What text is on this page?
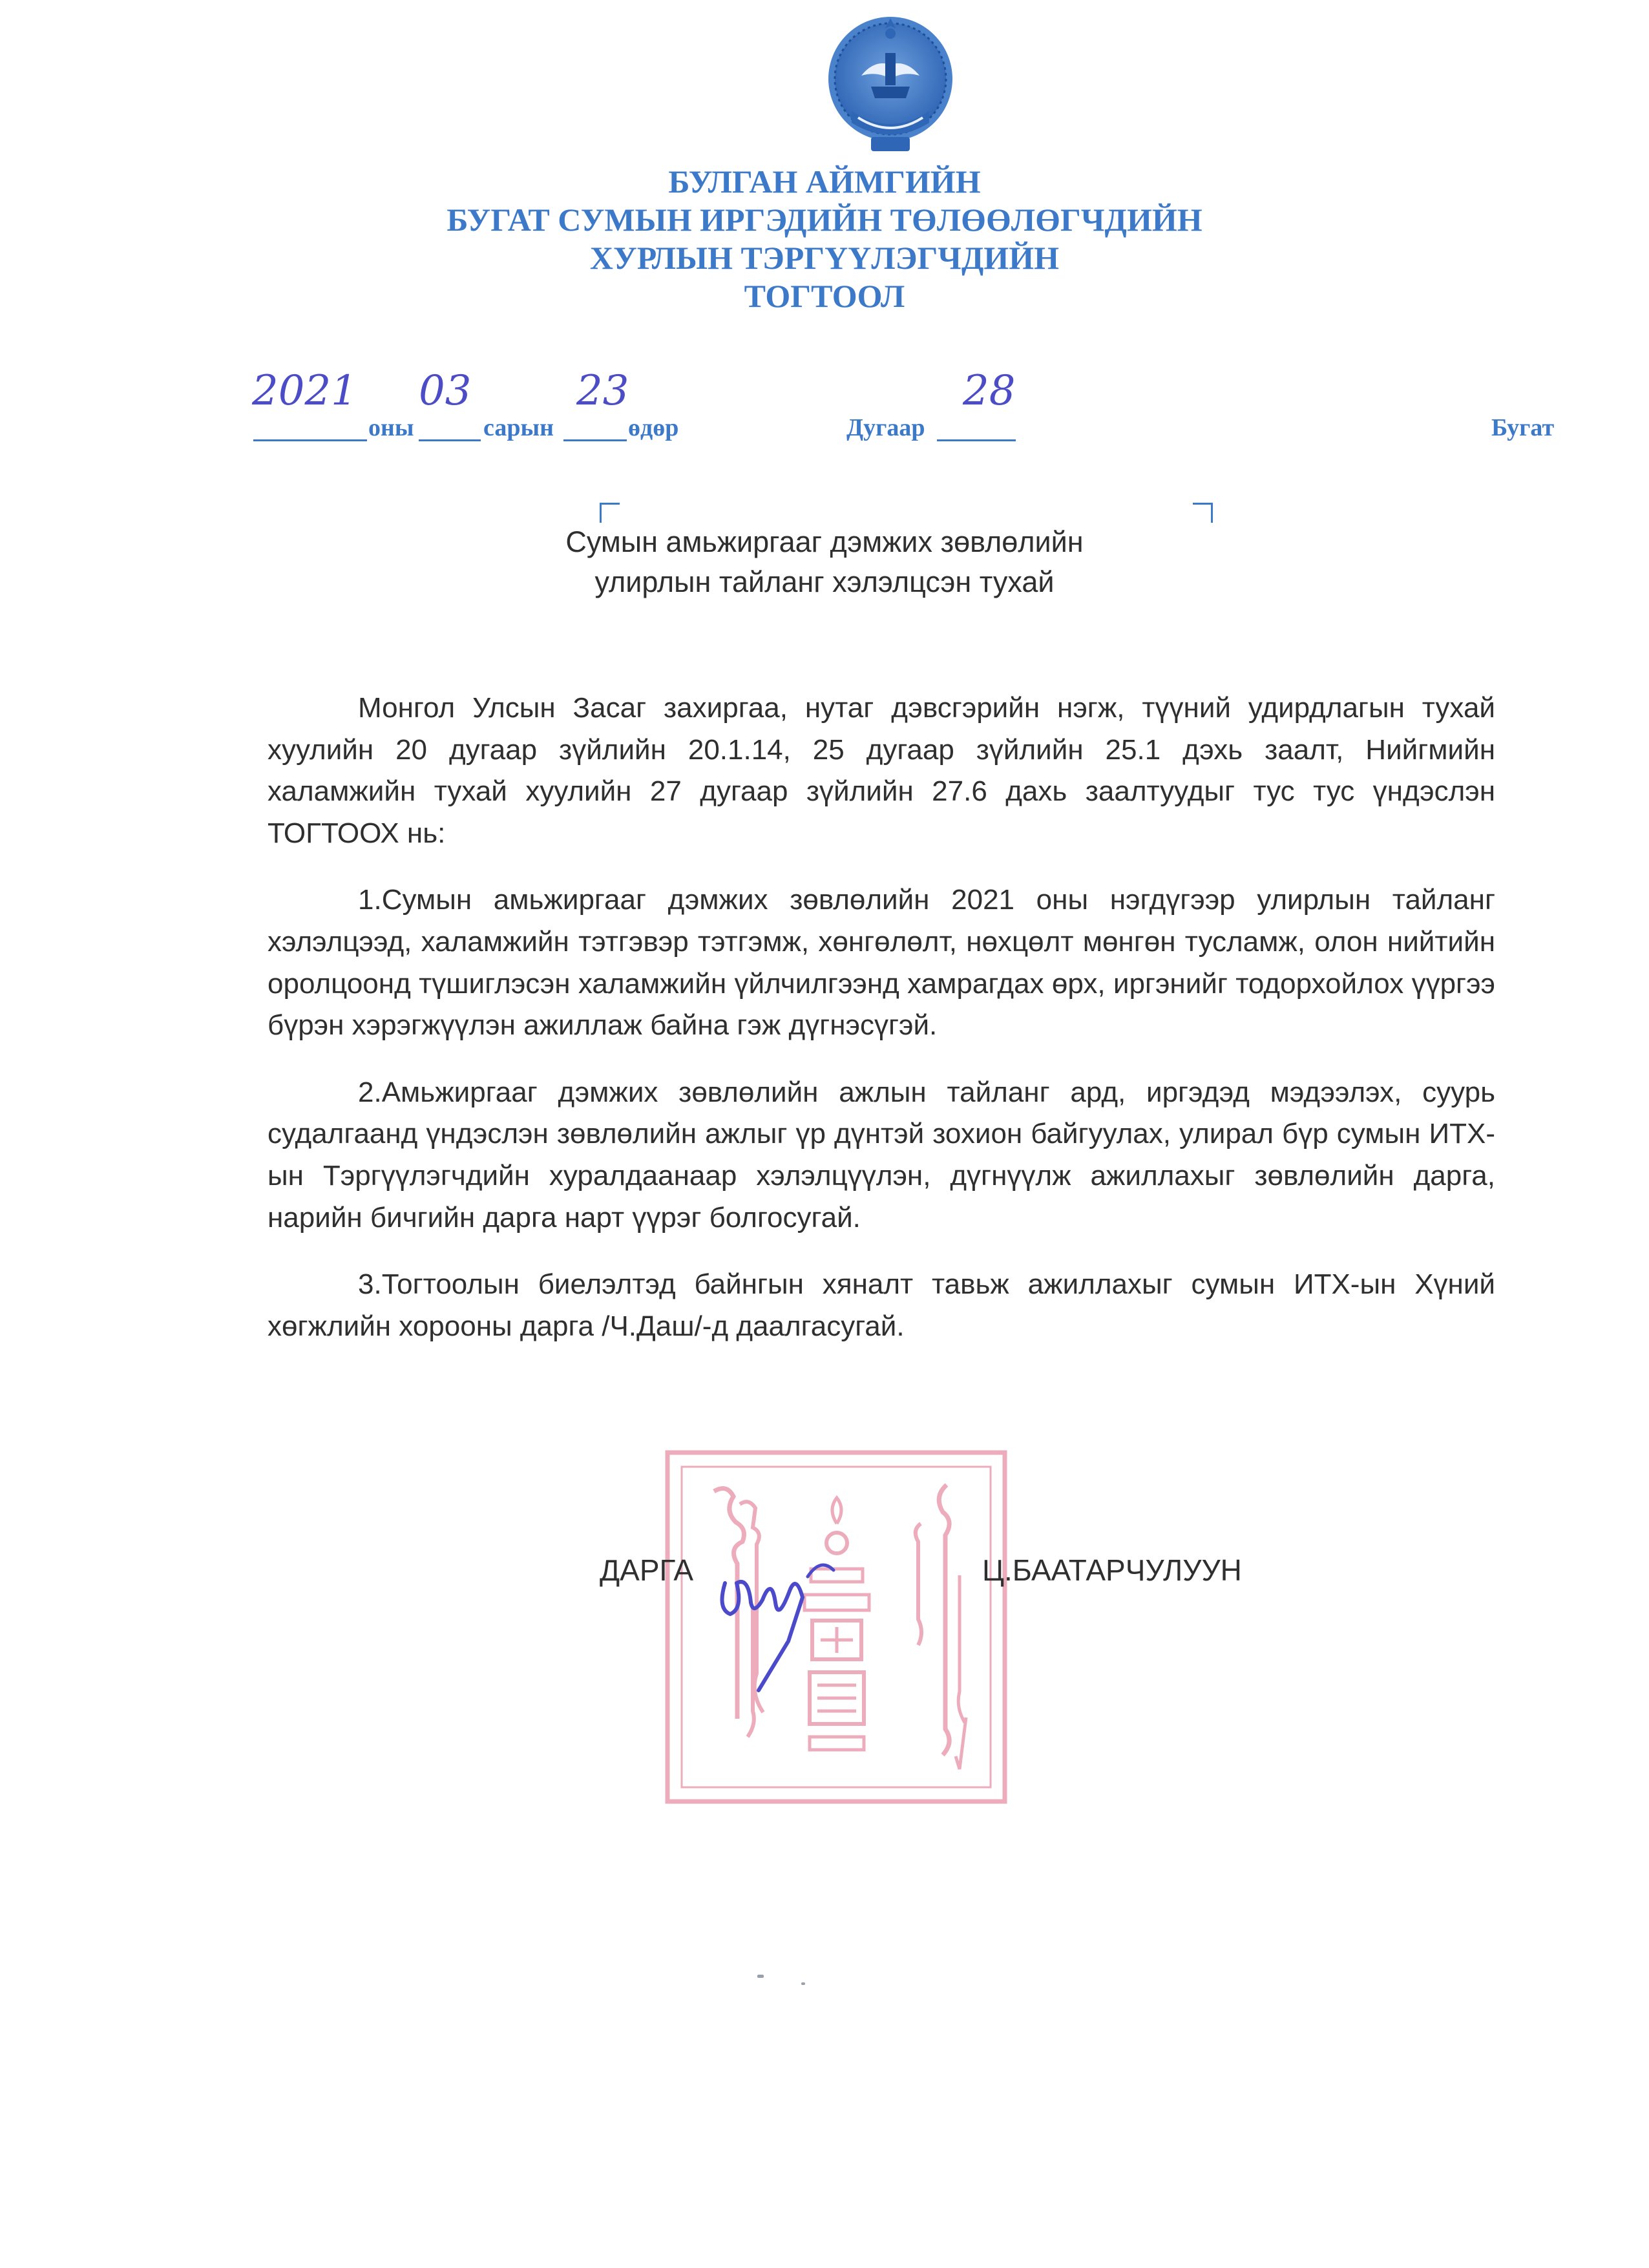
БУЛГАН АЙМГИЙН
БУГАТ СУМЫН ИРГЭДИЙН ТӨЛӨӨЛӨГЧДИЙН
ХУРЛЫН ТЭРГҮҮЛЭГЧДИЙН
ТОГТООЛ
2021
оны
03
сарын
23
өдөр	Дугаар
28
Бугат
Сумын амьжиргааг дэмжих зөвлөлийн
улирлын тайланг хэлэлцсэн тухай

Монгол Улсын Засаг захиргаа, нутаг дэвсгэрийн нэгж, түүний удирдлагын тухай хуулийн 20 дугаар зүйлийн 20.1.14, 25 дугаар зүйлийн 25.1 дэхь заалт, Нийгмийн халамжийн тухай хуулийн 27 дугаар зүйлийн 27.6 дахь заалтуудыг тус тус үндэслэн ТОГТООХ нь:

1.Сумын амьжиргааг дэмжих зөвлөлийн 2021 оны нэгдүгээр улирлын тайланг хэлэлцээд, халамжийн тэтгэвэр тэтгэмж, хөнгөлөлт, нөхцөлт мөнгөн тусламж, олон нийтийн оролцоонд түшиглэсэн халамжийн үйлчилгээнд хамрагдах өрх, иргэнийг тодорхойлох үүргээ бүрэн хэрэгжүүлэн ажиллаж байна гэж дүгнэсүгэй.

2.Амьжиргааг дэмжих зөвлөлийн ажлын тайланг ард, иргэдэд мэдээлэх, суурь судалгаанд үндэслэн зөвлөлийн ажлыг үр дүнтэй зохион байгуулах, улирал бүр сумын ИТХ-ын Тэргүүлэгчдийн хуралдаанаар хэлэлцүүлэн, дүгнүүлж ажиллахыг зөвлөлийн дарга, нарийн бичгийн дарга нарт үүрэг болгосугай.

3.Тогтоолын биелэлтэд байнгын хяналт тавьж ажиллахыг сумын ИТХ-ын Хүний хөгжлийн хорооны дарга /Ч.Даш/-д даалгасугай.

ДАРГА	Ц.БААТАРЧУЛУУН
